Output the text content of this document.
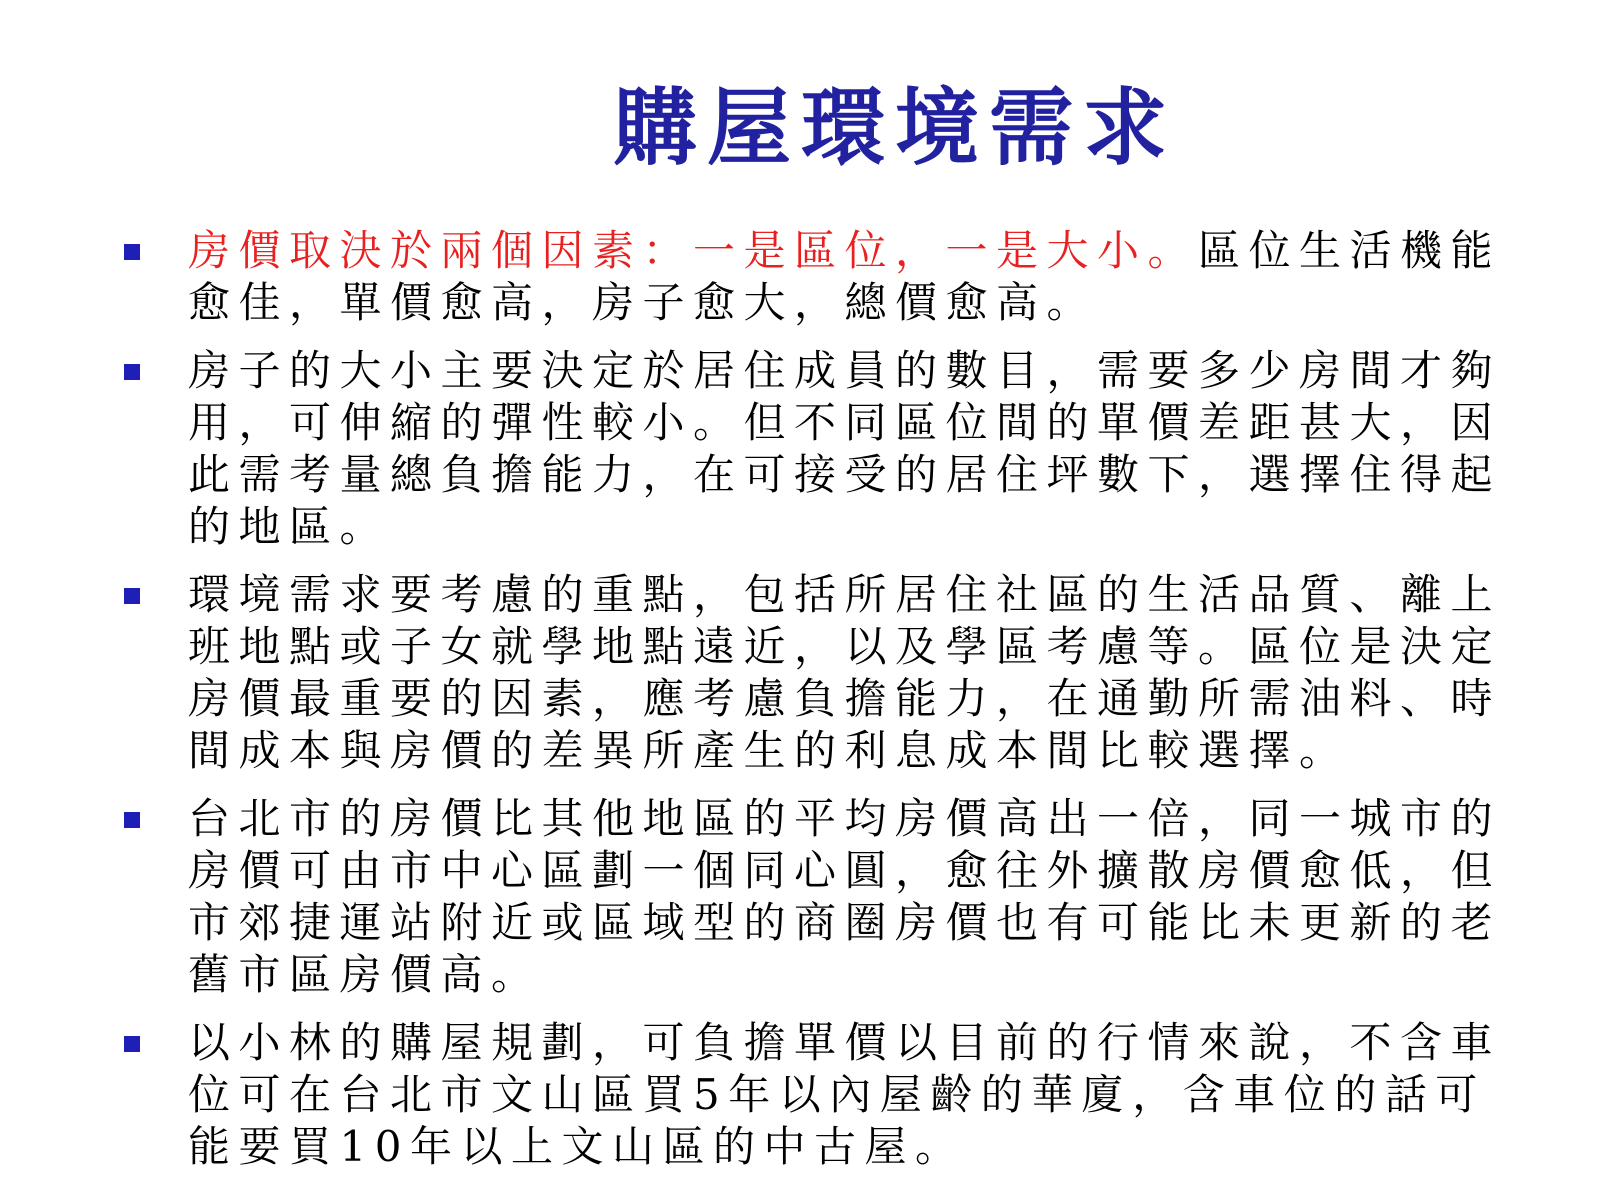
購屋環境需求
房價取決於兩個因素：一是區位，一是大小。區位生活機能愈佳，單價愈高，房子愈大，總價愈高。
房子的大小主要決定於居住成員的數目，需要多少房間才夠用，可伸縮的彈性較小。但不同區位間的單價差距甚大，因此需考量總負擔能力，在可接受的居住坪數下，選擇住得起的地區。
環境需求要考慮的重點，包括所居住社區的生活品質、離上班地點或子女就學地點遠近，以及學區考慮等。區位是決定房價最重要的因素，應考慮負擔能力，在通勤所需油料、時間成本與房價的差異所產生的利息成本間比較選擇。
台北市的房價比其他地區的平均房價高出一倍，同一城市的房價可由市中心區劃一個同心圓，愈往外擴散房價愈低，但市郊捷運站附近或區域型的商圈房價也有可能比未更新的老舊市區房價高。
以小林的購屋規劃，可負擔單價以目前的行情來說，不含車位可在台北市文山區買5年以內屋齡的華廈，含車位的話可能要買10年以上文山區的中古屋。
